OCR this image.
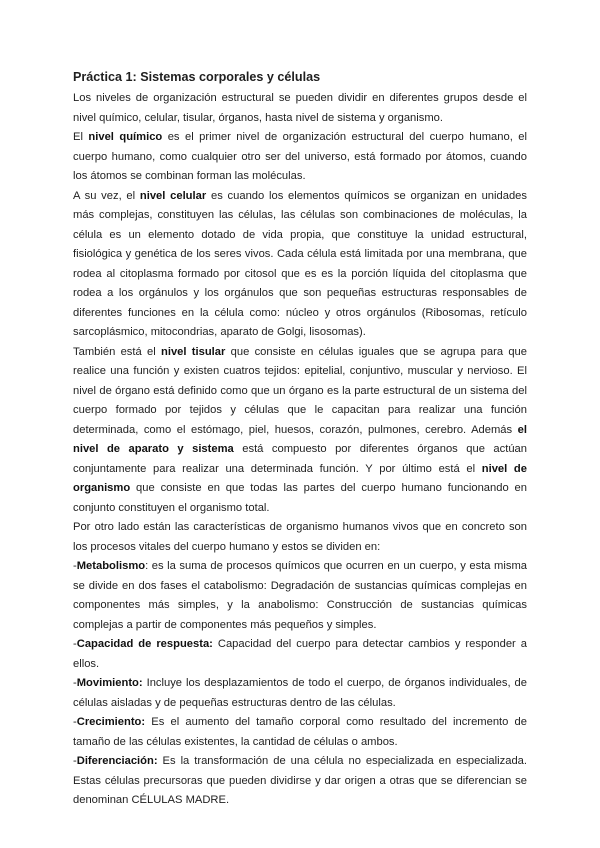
Práctica 1: Sistemas corporales y células

Los niveles de organización estructural se pueden dividir en diferentes grupos desde el nivel químico, celular, tisular, órganos, hasta nivel de sistema y organismo.

El nivel químico es el primer nivel de organización estructural del cuerpo humano, el cuerpo humano, como cualquier otro ser del universo, está formado por átomos, cuando los átomos se combinan forman las moléculas.

A su vez, el nivel celular es cuando los elementos químicos se organizan en unidades más complejas, constituyen las células, las células son combinaciones de moléculas, la célula es un elemento dotado de vida propia, que constituye la unidad estructural, fisiológica y genética de los seres vivos. Cada célula está limitada por una membrana, que rodea al citoplasma formado por citosol que es es la porción líquida del citoplasma que rodea a los orgánulos y los orgánulos que son pequeñas estructuras responsables de diferentes funciones en la célula como: núcleo y otros orgánulos (Ribosomas, retículo sarcoplásmico, mitocondrias, aparato de Golgi, lisosomas).

También está el nivel tisular que consiste en células iguales que se agrupa para que realice una función y existen cuatros tejidos: epitelial, conjuntivo, muscular y nervioso. El nivel de órgano está definido como que un órgano es la parte estructural de un sistema del cuerpo formado por tejidos y células que le capacitan para realizar una función determinada, como el estómago, piel, huesos, corazón, pulmones, cerebro. Además el nivel de aparato y sistema está compuesto por diferentes órganos que actúan conjuntamente para realizar una determinada función. Y por último está el nivel de organismo que consiste en que todas las partes del cuerpo humano funcionando en conjunto constituyen el organismo total.

Por otro lado están las características de organismo humanos vivos que en concreto son los procesos vitales del cuerpo humano y estos se dividen en:

-Metabolismo: es la suma de procesos químicos que ocurren en un cuerpo, y esta misma se divide en dos fases el catabolismo: Degradación de sustancias químicas complejas en componentes más simples, y la anabolismo: Construcción de sustancias químicas complejas a partir de componentes más pequeños y simples.

-Capacidad de respuesta: Capacidad del cuerpo para detectar cambios y responder a ellos.

-Movimiento: Incluye los desplazamientos de todo el cuerpo, de órganos individuales, de células aisladas y de pequeñas estructuras dentro de las células.

-Crecimiento: Es el aumento del tamaño corporal como resultado del incremento de tamaño de las células existentes, la cantidad de células o ambos.

-Diferenciación: Es la transformación de una célula no especializada en especializada. Estas células precursoras que pueden dividirse y dar origen a otras que se diferencian se denominan CÉLULAS MADRE.
